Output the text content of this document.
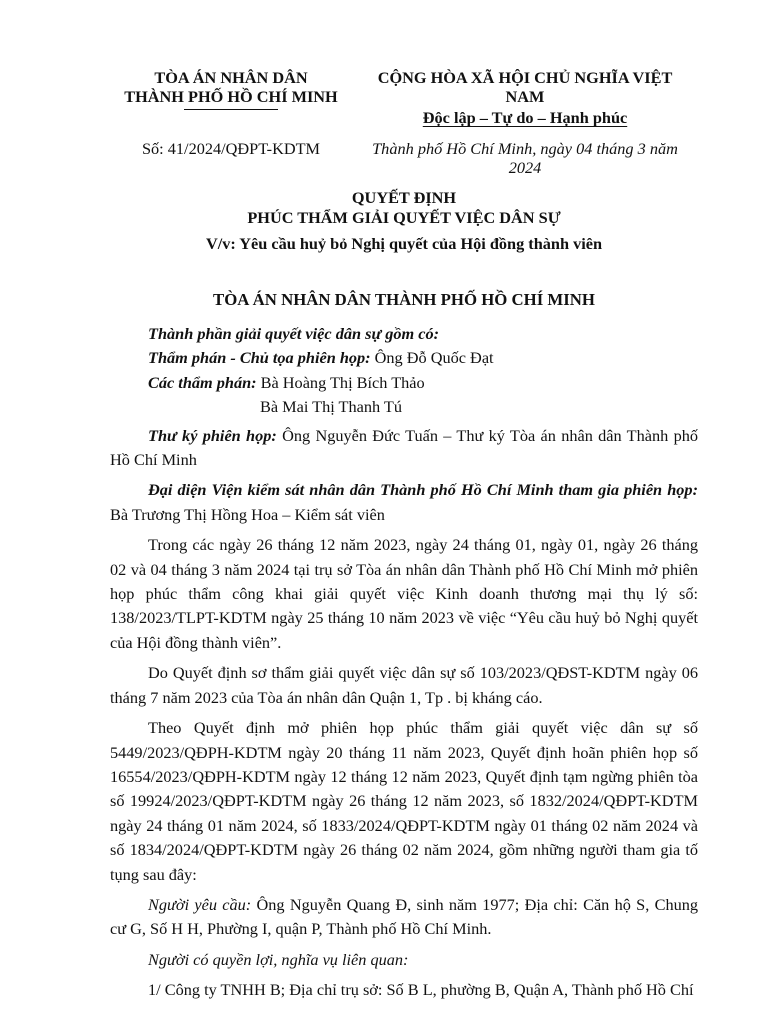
TÒA ÁN NHÂN DÂN
THÀNH PHỐ HỒ CHÍ MINH
CỘNG HÒA XÃ HỘI CHỦ NGHĨA VIỆT
NAM
Độc lập – Tự do – Hạnh phúc
Số: 41/2024/QĐPT-KDTM	Thành phố Hồ Chí Minh, ngày 04 tháng 3 năm
2024
QUYẾT ĐỊNH
PHÚC THẨM GIẢI QUYẾT VIỆC DÂN SỰ
V/v: Yêu cầu huỷ bỏ Nghị quyết của Hội đồng thành viên
TÒA ÁN NHÂN DÂN THÀNH PHỐ HỒ CHÍ MINH

Thành phần giải quyết việc dân sự gồm có:

Thẩm phán - Chủ tọa phiên họp: Ông Đỗ Quốc Đạt

Các thẩm phán: Bà Hoàng Thị Bích Thảo

Bà Mai Thị Thanh Tú

Thư ký phiên họp: Ông Nguyễn Đức Tuấn – Thư ký Tòa án nhân dân Thành phố Hồ Chí Minh

Đại diện Viện kiểm sát nhân dân Thành phố Hồ Chí Minh tham gia phiên họp: Bà Trương Thị Hồng Hoa – Kiểm sát viên

Trong các ngày 26 tháng 12 năm 2023, ngày 24 tháng 01, ngày 01, ngày 26 tháng 02 và 04 tháng 3 năm 2024 tại trụ sở Tòa án nhân dân Thành phố Hồ Chí Minh mở phiên họp phúc thẩm công khai giải quyết việc Kinh doanh thương mại thụ lý số: 138/2023/TLPT-KDTM ngày 25 tháng 10 năm 2023 về việc “Yêu cầu huỷ bỏ Nghị quyết của Hội đồng thành viên”.

Do Quyết định sơ thẩm giải quyết việc dân sự số 103/2023/QĐST-KDTM ngày 06 tháng 7 năm 2023 của Tòa án nhân dân Quận 1, Tp . bị kháng cáo.

Theo Quyết định mở phiên họp phúc thẩm giải quyết việc dân sự số 5449/2023/QĐPH-KDTM ngày 20 tháng 11 năm 2023, Quyết định hoãn phiên họp số 16554/2023/QĐPH-KDTM ngày 12 tháng 12 năm 2023, Quyết định tạm ngừng phiên tòa số 19924/2023/QĐPT-KDTM ngày 26 tháng 12 năm 2023, số 1832/2024/QĐPT-KDTM ngày 24 tháng 01 năm 2024, số 1833/2024/QĐPT-KDTM ngày 01 tháng 02 năm 2024 và số 1834/2024/QĐPT-KDTM ngày 26 tháng 02 năm 2024, gồm những người tham gia tố tụng sau đây:

Người yêu cầu: Ông Nguyễn Quang Đ, sinh năm 1977; Địa chỉ: Căn hộ S, Chung cư G, Số H H, Phường I, quận P, Thành phố Hồ Chí Minh.

Người có quyền lợi, nghĩa vụ liên quan:

1/ Công ty TNHH B; Địa chỉ trụ sở: Số B L, phường B, Quận A, Thành phố Hồ Chí
